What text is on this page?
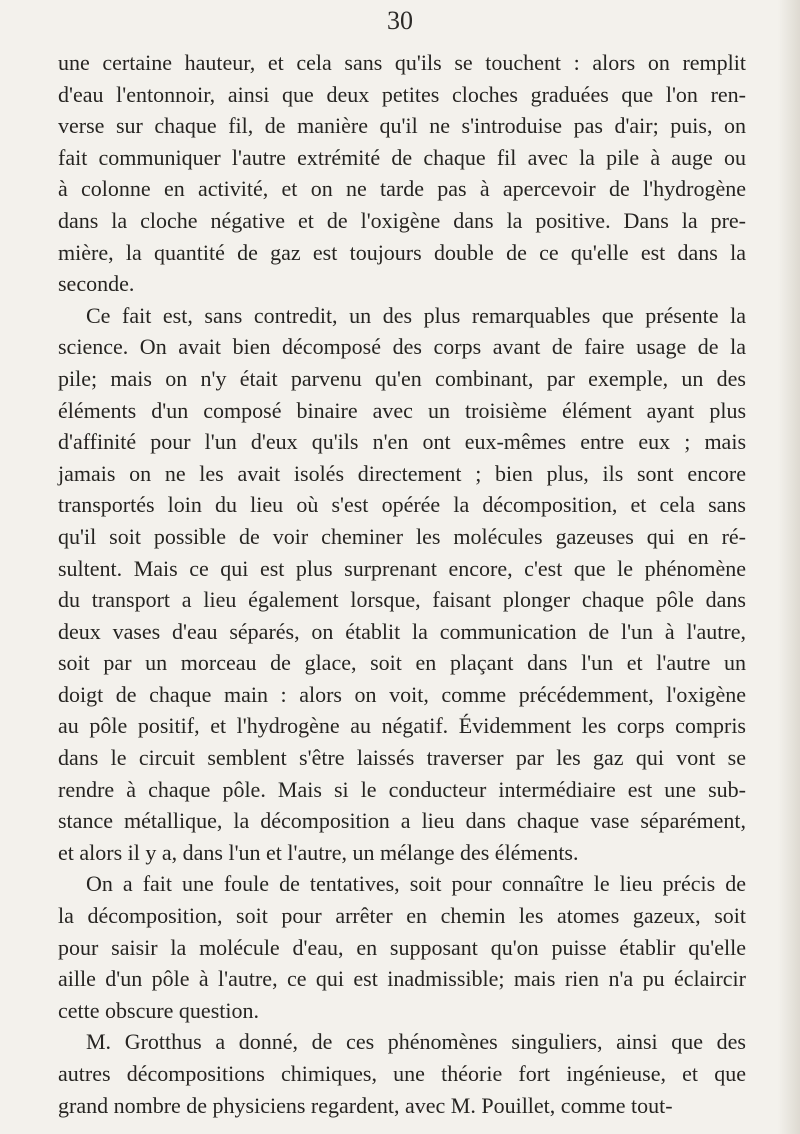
30
une certaine hauteur, et cela sans qu'ils se touchent : alors on remplit
d'eau l'entonnoir, ainsi que deux petites cloches graduées que l'on ren-
verse sur chaque fil, de manière qu'il ne s'introduise pas d'air; puis, on
fait communiquer l'autre extrémité de chaque fil avec la pile à auge ou
à colonne en activité, et on ne tarde pas à apercevoir de l'hydrogène
dans la cloche négative et de l'oxigène dans la positive. Dans la pre-
mière, la quantité de gaz est toujours double de ce qu'elle est dans la
seconde.
Ce fait est, sans contredit, un des plus remarquables que présente la
science. On avait bien décomposé des corps avant de faire usage de la
pile; mais on n'y était parvenu qu'en combinant, par exemple, un des
éléments d'un composé binaire avec un troisième élément ayant plus
d'affinité pour l'un d'eux qu'ils n'en ont eux-mêmes entre eux ; mais
jamais on ne les avait isolés directement ; bien plus, ils sont encore
transportés loin du lieu où s'est opérée la décomposition, et cela sans
qu'il soit possible de voir cheminer les molécules gazeuses qui en ré-
sultent. Mais ce qui est plus surprenant encore, c'est que le phénomène
du transport a lieu également lorsque, faisant plonger chaque pôle dans
deux vases d'eau séparés, on établit la communication de l'un à l'autre,
soit par un morceau de glace, soit en plaçant dans l'un et l'autre un
doigt de chaque main : alors on voit, comme précédemment, l'oxigène
au pôle positif, et l'hydrogène au négatif. Évidemment les corps compris
dans le circuit semblent s'être laissés traverser par les gaz qui vont se
rendre à chaque pôle. Mais si le conducteur intermédiaire est une sub-
stance métallique, la décomposition a lieu dans chaque vase séparément,
et alors il y a, dans l'un et l'autre, un mélange des éléments.
On a fait une foule de tentatives, soit pour connaître le lieu précis de
la décomposition, soit pour arrêter en chemin les atomes gazeux, soit
pour saisir la molécule d'eau, en supposant qu'on puisse établir qu'elle
aille d'un pôle à l'autre, ce qui est inadmissible; mais rien n'a pu éclaircir
cette obscure question.
M. Grotthus a donné, de ces phénomènes singuliers, ainsi que des
autres décompositions chimiques, une théorie fort ingénieuse, et que
grand nombre de physiciens regardent, avec M. Pouillet, comme tout-
